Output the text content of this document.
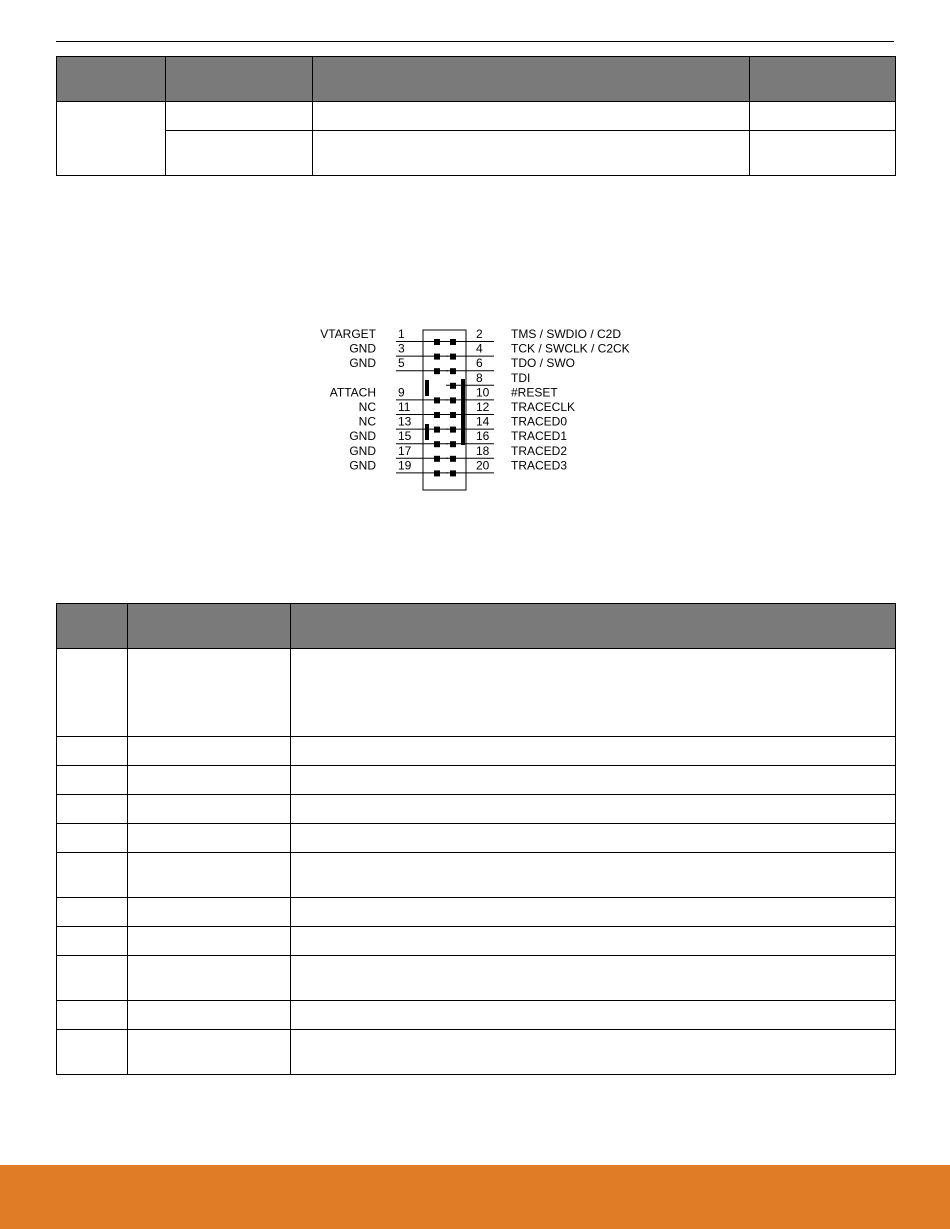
VTARGET 1	2 TMS / SWDIO / C2D
GND 3	4 TCK / SWCLK / C2CK
GND 5	6 TDO / SWO
8 TDI
ATTACH 9	10 #RESET
NC 11	12 TRACECLK
NC 13	14 TRACED0
GND 15	16 TRACED1
GND 17	18 TRACED2
GND 19	20 TRACED3
